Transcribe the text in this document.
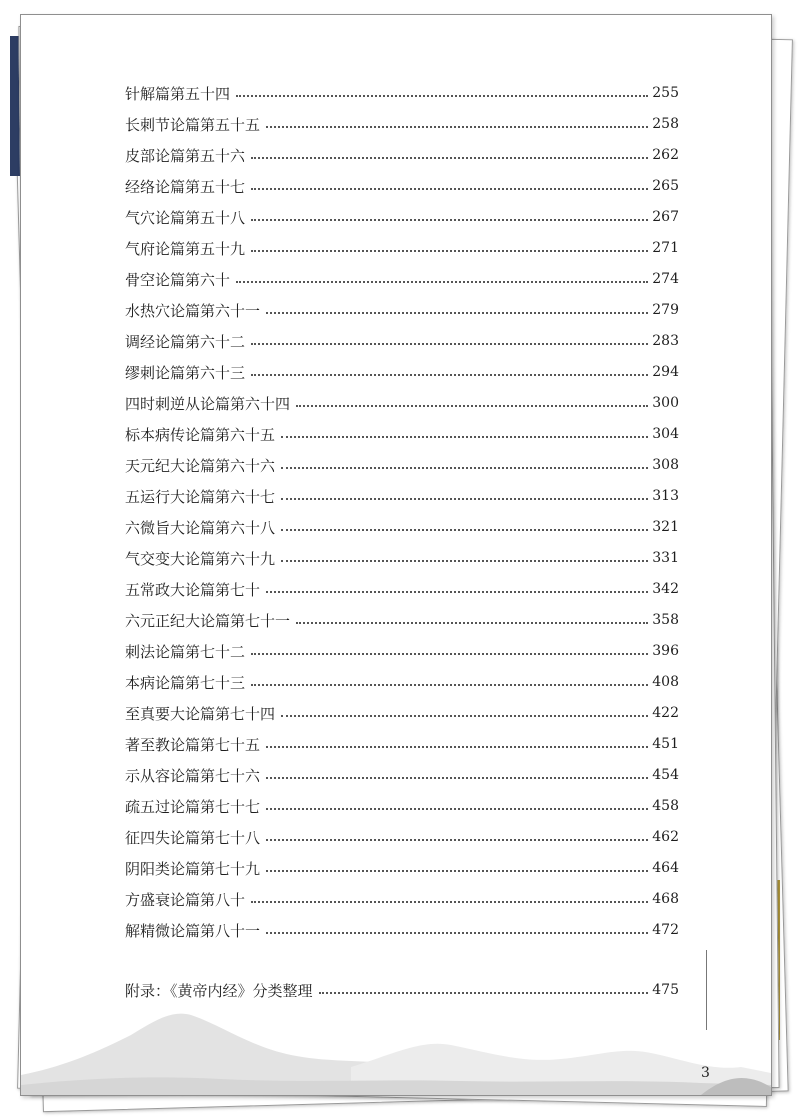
针解篇第五十四	255
长刺节论篇第五十五	258
皮部论篇第五十六	262
经络论篇第五十七	265
气穴论篇第五十八	267
气府论篇第五十九	271
骨空论篇第六十	274
水热穴论篇第六十一	279
调经论篇第六十二	283
缪刺论篇第六十三	294
四时刺逆从论篇第六十四	300
标本病传论篇第六十五	304
天元纪大论篇第六十六	308
五运行大论篇第六十七	313
六微旨大论篇第六十八	321
气交变大论篇第六十九	331
五常政大论篇第七十	342
六元正纪大论篇第七十一	358
刺法论篇第七十二	396
本病论篇第七十三	408
至真要大论篇第七十四	422
著至教论篇第七十五	451
示从容论篇第七十六	454
疏五过论篇第七十七	458
征四失论篇第七十八	462
阴阳类论篇第七十九	464
方盛衰论篇第八十	468
解精微论篇第八十一	472
附录：《黄帝内经》分类整理	475
3
